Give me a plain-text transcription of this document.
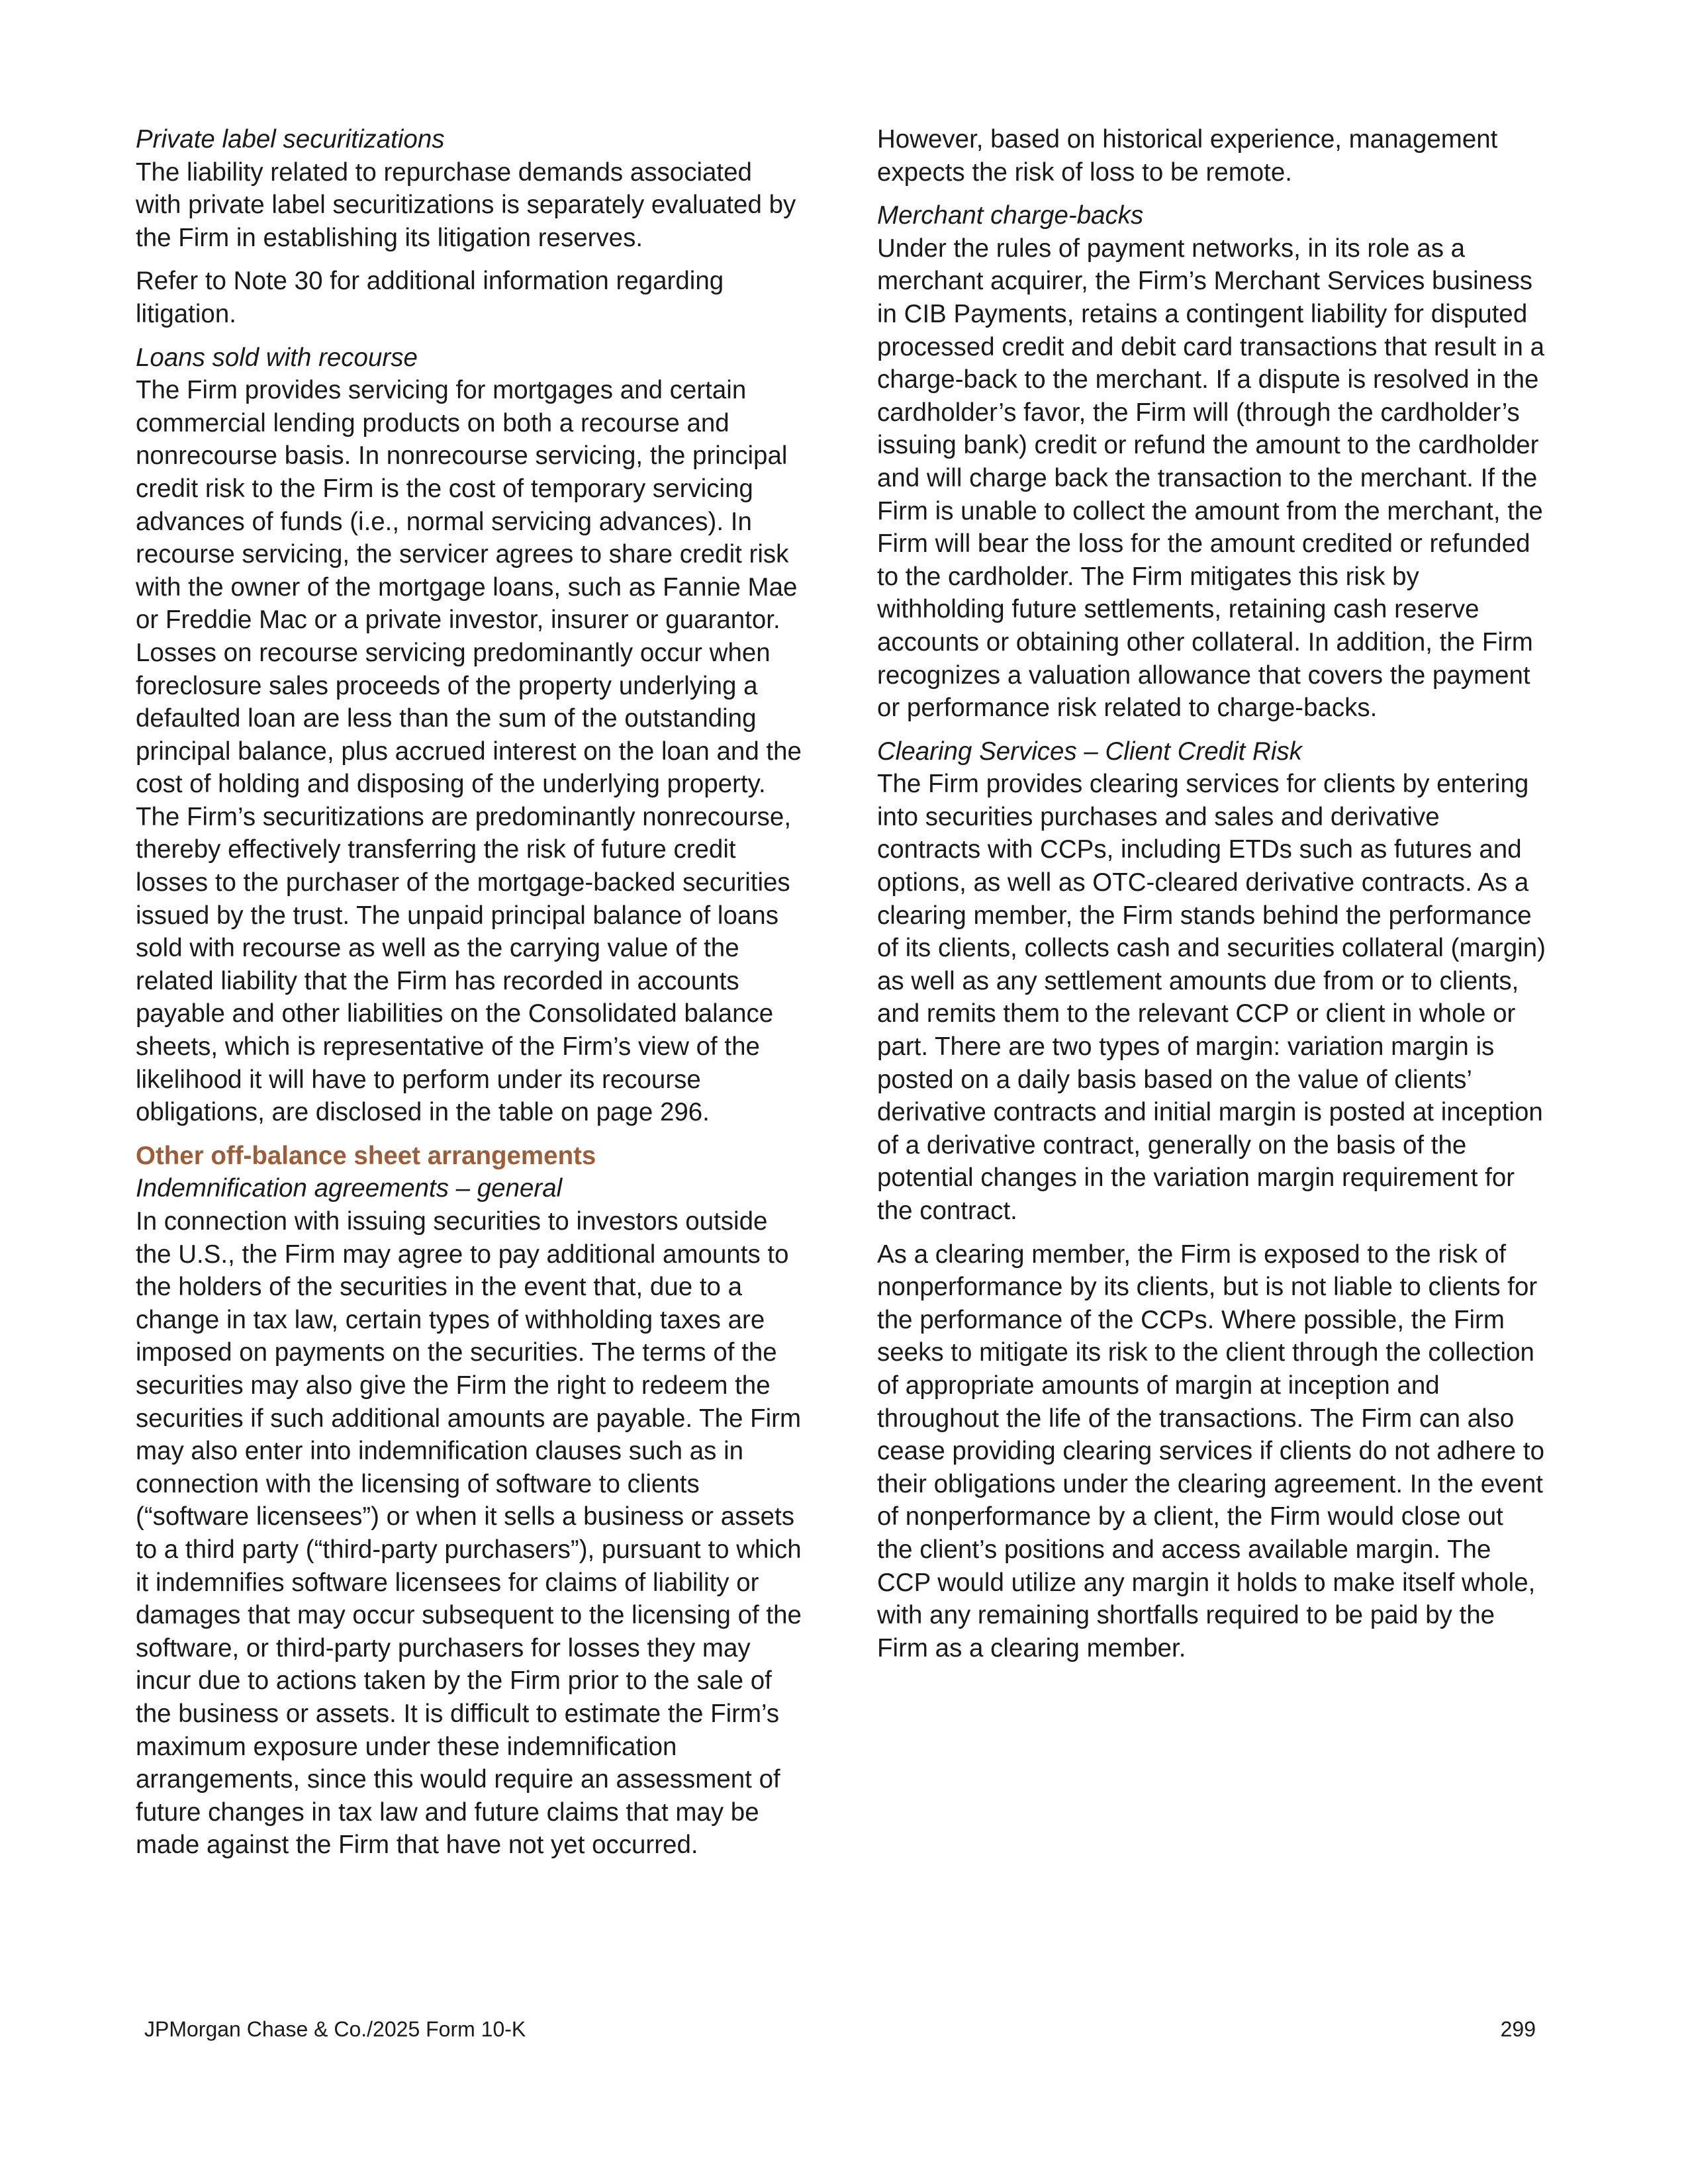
Private label securitizations
The liability related to repurchase demands associated with private label securitizations is separately evaluated by the Firm in establishing its litigation reserves.

Refer to Note 30 for additional information regarding litigation.

Loans sold with recourse
The Firm provides servicing for mortgages and certain commercial lending products on both a recourse and nonrecourse basis. In nonrecourse servicing, the principal credit risk to the Firm is the cost of temporary servicing advances of funds (i.e., normal servicing advances). In recourse servicing, the servicer agrees to share credit risk with the owner of the mortgage loans, such as Fannie Mae or Freddie Mac or a private investor, insurer or guarantor. Losses on recourse servicing predominantly occur when foreclosure sales proceeds of the property underlying a defaulted loan are less than the sum of the outstanding principal balance, plus accrued interest on the loan and the cost of holding and disposing of the underlying property. The Firm’s securitizations are predominantly nonrecourse, thereby effectively transferring the risk of future credit losses to the purchaser of the mortgage-backed securities issued by the trust. The unpaid principal balance of loans sold with recourse as well as the carrying value of the related liability that the Firm has recorded in accounts payable and other liabilities on the Consolidated balance sheets, which is representative of the Firm’s view of the likelihood it will have to perform under its recourse obligations, are disclosed in the table on page 296.

Other off-balance sheet arrangements
Indemnification agreements – general
In connection with issuing securities to investors outside the U.S., the Firm may agree to pay additional amounts to the holders of the securities in the event that, due to a change in tax law, certain types of withholding taxes are imposed on payments on the securities. The terms of the securities may also give the Firm the right to redeem the securities if such additional amounts are payable. The Firm may also enter into indemnification clauses such as in connection with the licensing of software to clients (“software licensees”) or when it sells a business or assets to a third party (“third-party purchasers”), pursuant to which it indemnifies software licensees for claims of liability or damages that may occur subsequent to the licensing of the software, or third-party purchasers for losses they may incur due to actions taken by the Firm prior to the sale of the business or assets. It is difficult to estimate the Firm’s maximum exposure under these indemnification arrangements, since this would require an assessment of future changes in tax law and future claims that may be made against the Firm that have not yet occurred.

However, based on historical experience, management expects the risk of loss to be remote.

Merchant charge-backs
Under the rules of payment networks, in its role as a merchant acquirer, the Firm’s Merchant Services business in CIB Payments, retains a contingent liability for disputed processed credit and debit card transactions that result in a charge-back to the merchant. If a dispute is resolved in the cardholder’s favor, the Firm will (through the cardholder’s issuing bank) credit or refund the amount to the cardholder and will charge back the transaction to the merchant. If the Firm is unable to collect the amount from the merchant, the Firm will bear the loss for the amount credited or refunded to the cardholder. The Firm mitigates this risk by withholding future settlements, retaining cash reserve accounts or obtaining other collateral. In addition, the Firm recognizes a valuation allowance that covers the payment or performance risk related to charge-backs.

Clearing Services – Client Credit Risk
The Firm provides clearing services for clients by entering into securities purchases and sales and derivative contracts with CCPs, including ETDs such as futures and options, as well as OTC-cleared derivative contracts. As a clearing member, the Firm stands behind the performance of its clients, collects cash and securities collateral (margin) as well as any settlement amounts due from or to clients, and remits them to the relevant CCP or client in whole or part. There are two types of margin: variation margin is posted on a daily basis based on the value of clients’ derivative contracts and initial margin is posted at inception of a derivative contract, generally on the basis of the potential changes in the variation margin requirement for the contract.

As a clearing member, the Firm is exposed to the risk of nonperformance by its clients, but is not liable to clients for the performance of the CCPs. Where possible, the Firm seeks to mitigate its risk to the client through the collection of appropriate amounts of margin at inception and throughout the life of the transactions. The Firm can also cease providing clearing services if clients do not adhere to their obligations under the clearing agreement. In the event of nonperformance by a client, the Firm would close out the client’s positions and access available margin. The CCP would utilize any margin it holds to make itself whole, with any remaining shortfalls required to be paid by the Firm as a clearing member.

JPMorgan Chase & Co./2025 Form 10-K	299
